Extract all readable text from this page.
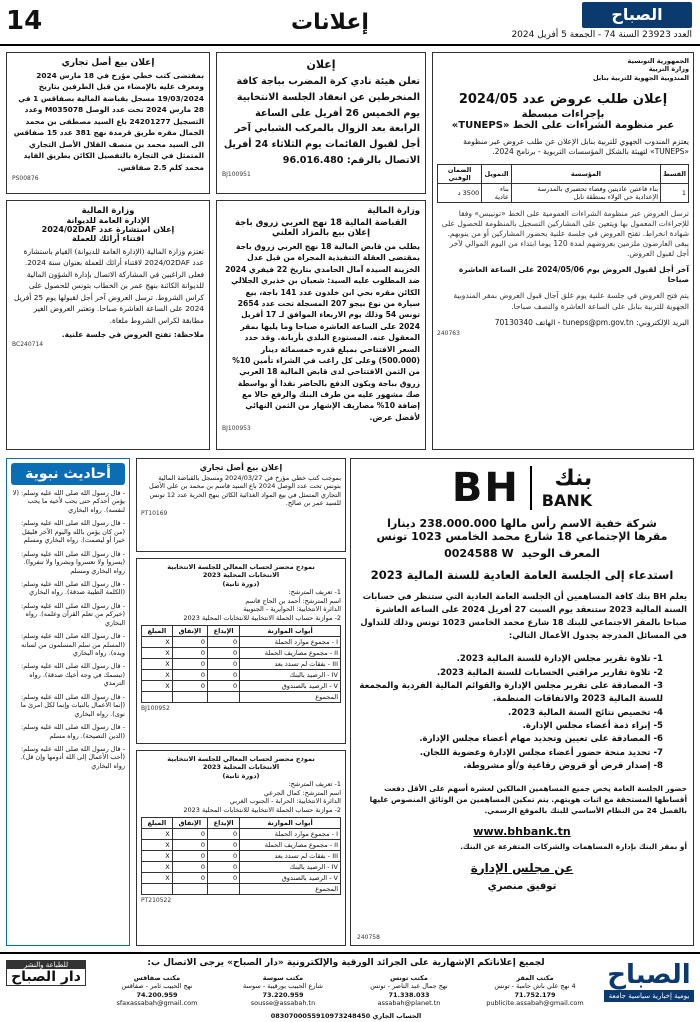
14	إعلانات	الصباح
العدد 23923 السنة 74 - الجمعة 5 أفريل 2024
الجمهورية التونسية
وزارة التربية
المندوبية الجهوية للتربية بنابل
إعلان طلب عروض عدد 2024/05
بإجراءات مبسطة
عبر منظومة الشراءات على الخط «TUNEPS»
يعتزم المندوب الجهوي للتربية بنابل الإعلان عن طلب عروض عبر منظومة «TUNEPS» لتهيئة بالشكل المؤسسات التربوية - برنامج 2024.
القسط	المؤسسة	التمويل	الضمان الوقتي
1	بناء قاعتين عاديتين وفضاء تحضيري بالمدرسة الإعدادية حي الولاء بمنطقة نابل	بناء عادية	3500 د
ترسل العروض عبر منظومة الشراءات العمومية على الخط «تونيبس» وفقا للإجراءات المعمول بها ويتعين على المشاركين التسجيل بالمنظومة للحصول على شهادة انخراط. تفتح العروض في جلسة علنية بحضور المشاركين أو من ينوبهم. يبقى العارضون ملزمين بعروضهم لمدة 120 يوما ابتداء من اليوم الموالي لآخر أجل لقبول العروض.
آخر أجل لقبول العروض يوم 2024/05/06 على الساعة العاشرة صباحا
يتم فتح العروض في جلسة علنية يوم غلق آجال قبول العروض بمقر المندوبية الجهوية للتربية بنابل على الساعة العاشرة والنصف صباحا.
البريد الإلكتروني: tuneps@pm.gov.tn - الهاتف 70130340
240763
إعلان
تعلن هيئة نادي كرة المضرب بباجة كافة المنخرطين عن انعقاد الجلسة الانتخابية يوم الخميس 26 أفريل على الساعة الرابعة بعد الزوال بالمركب الشبابي آخر أجل لقبول القائمات يوم الثلاثاء 24 أفريل الاتصال بالرقم: 96.016.480
BJ100951
إعلان بيع أصل تجاري
بمقتضى كتب خطي مؤرخ في 18 مارس 2024 ومعرف عليه بالإمضاء من قبل الطرفين بتاريخ 19/03/2024 مسجل بقباضة المالية بصفاقس 1 في 28 مارس 2024 تحت عدد الوصل M035078 وعدد التسجيل 24201277 باع السيد مصطفى بن محمد الجمال مقره طريق قرمدة نهج 381 عدد 15 صفاقس الى السيد محمد بن منصف القلال الأصل التجاري المتمثل في التجارة بالتفصيل الكائن بطريق القايد محمد كلم 2.5 صفاقس.
PS00876
وزارة المالية
القباضة المالية 18 نهج العربي زروق باجة
إعلان بيع بالمزاد العلني
يطلب من قابض المالية 18 نهج العربي زروق باجة بمقتضى العقلة التنفيذية المجراة من قبل عدل الخزينة السيدة آمال الحامدي بتاريخ 22 فيفري 2024 ضد المطلوب عليه السيد: شعبان بن خذيري الجلالي الكائن مقره بحي ابن خلدون عدد 141 باجة، بيع سيارة من نوع بيجو 207 المسجلة تحت عدد 2654 تونس 54 وذلك يوم الاربعاء الموافق لـ 17 أفريل 2024 على الساعة العاشرة صباحا وما يليها بمقر المعقول عنه. المستودع البلدي بأربانة. وقد حدد السعر الافتتاحي بمبلغ قدره خمسمائة دينار (500.000) وعلى كل راغب في الشراء تأمين 10% من الثمن الافتتاحي لدى قابض المالية 18 العربي زروق بباجة ويكون الدفع بالحاضر نقدا أو بواسطة صك مشهور عليه من طرف البنك والرفع حالا مع إضافة 10% مصاريف الإشهار من الثمن النهائي لأفضل عرض.
BJ100953
وزارة المالية
الإدارة العامة للديوانة
إعلان استشارة عدد 2024/02DAF
اقتناء أرائك للعملة
تعتزم وزارة المالية (الإدارة العامة للديوانة) القيام باستشارة عدد 2024/02DAF لاقتناء أرائك للعملة بعنوان سنة 2024. فعلى الراغبين في المشاركة الاتصال بإدارة الشؤون المالية للديوانة الكائنة بنهج عمر بن الخطاب بتونس للحصول على كراس الشروط. ترسل العروض آخر أجل لقبولها يوم 25 أفريل 2024 على الساعة العاشرة صباحا. وتعتبر العروض الغير مطابقة لكراس الشروط ملغاة.
ملاحظة: تفتح العروض في جلسة علنية.
BC240714
بنك
BANK
BH
شركة خفية الاسم رأس مالها 238.000.000 دينارا
مقرها الإجتماعي 18 شارع محمد الخامس 1023 تونس
المعرف الوحيد  0024588 W
استدعاء إلى الجلسة العامة العادية للسنة المالية 2023
يعلم BH بنك كافة المساهمين أن الجلسة العامة العادية التي ستنظر في حسابات السنة المالية 2023 ستنعقد يوم السبت 27 أفريل 2024 على الساعة العاشرة صباحا بالمقر الاجتماعي للبنك 18 شارع محمد الخامس 1023 تونس وذلك للتداول في المسائل المدرجة بجدول الأعمال التالي:
1- تلاوة تقرير مجلس الإدارة للسنة المالية 2023.
2- تلاوة تقارير مراقبي الحسابات للسنة المالية 2023.
3- المصادقة على تقرير مجلس الإدارة والقوائم المالية الفردية والمجمعة للسنة المالية 2023 والاتفاقات المنظمة.
4- تخصيص نتائج السنة المالية 2023.
5- إبراء ذمة أعضاء مجلس الإدارة.
6- المصادقة على تعيين وتجديد مهام أعضاء مجلس الإدارة.
7- تحديد منحة حضور أعضاء مجلس الإدارة وعضوية اللجان.
8- إصدار قرض أو قروض رقاعية و/أو مشروطة.
حضور الجلسة العامة يخص جميع المساهمين المالكين لعشرة أسهم على الأقل دفعت أقساطها المستحقة مع اثبات هويتهم. يتم تمكين المساهمين من الوثائق المنصوص عليها بالفصل 24 من النظام الأساسي للبنك بالموقع الرسمي.
www.bhbank.tn
أو بمقر البنك بإدارة المساهمات والشركات المتفرعة عن البنك.
عن مجلس الإدارة
توفيق منصري
240758
إعلان بيع أصل تجاري
بموجب كتب خطي مؤرخ في 2024/03/27 ومسجل بالقباضة المالية بتونس تحت عدد الوصل 2024 باع السيد قاسم بن محمد بن علي الأصل التجاري المتمثل في بيع المواد الغذائية الكائن بنهج الحرية عدد 12 تونس للسيد عمر بن صالح.
PT10169
نموذج محضر لحساب المعالي للجلسة الانتخابية
الانتخابات المحلية 2023
(دورة ثانية)
1- تعريف المترشح:
اسم المترشح: أحمد بن الحاج قاسم
الدائرة الانتخابية: الحوايرية - الجنوبية
2- موازنة حساب الحملة الانتخابية للانتخابات المحلية 2023
أبواب الموازنة	الإيداع	الإنفاق	المبلغ
I - مجموع موارد الحملة	0	0	X
II - مجموع مصاريف الحملة	0	0	X
III - نفقات لم تسدد بعد	0	0	X
IV - الرصيد بالبنك	0	0	X
V - الرصيد بالصندوق	0	0	X
المجموع			
BJ100952
نموذج محضر لحساب المعالي للجلسة الانتخابية
الانتخابات المحلية 2023
(دورة ثانية)
1- تعريف المترشح:
اسم المترشح: كمال الجرعي
الدائرة الانتخابية: الحرابة - الجنوب الغربي
2- موازنة حساب الحملة الانتخابية للانتخابات المحلية 2023
أبواب الموازنة	الإيداع	الإنفاق	المبلغ
I - مجموع موارد الحملة	0	0	X
II - مجموع مصاريف الحملة	0	0	X
III - نفقات لم تسدد بعد	0	0	X
IV - الرصيد بالبنك	0	0	X
V - الرصيد بالصندوق	0	0	X
المجموع			
PT210522
أحاديث نبوية
- قال رسول الله صلى الله عليه وسلم: (لا يؤمن أحدكم حتى يحب لأخيه ما يحب لنفسه). رواه البخاري
- قال رسول الله صلى الله عليه وسلم: (من كان يؤمن بالله واليوم الآخر فليقل خيرا أو ليصمت). رواه البخاري ومسلم
- قال رسول الله صلى الله عليه وسلم: (يسروا ولا تعسروا وبشروا ولا تنفروا). رواه البخاري ومسلم
- قال رسول الله صلى الله عليه وسلم: (الكلمة الطيبة صدقة). رواه البخاري
- قال رسول الله صلى الله عليه وسلم: (خيركم من تعلم القرآن وعلمه). رواه البخاري
- قال رسول الله صلى الله عليه وسلم: (المسلم من سلم المسلمون من لسانه ويده). رواه البخاري
- قال رسول الله صلى الله عليه وسلم: (تبسمك في وجه أخيك صدقة). رواه الترمذي
- قال رسول الله صلى الله عليه وسلم: (إنما الأعمال بالنيات وإنما لكل امرئ ما نوى). رواه البخاري
- قال رسول الله صلى الله عليه وسلم: (الدين النصيحة). رواه مسلم
- قال رسول الله صلى الله عليه وسلم: (أحب الأعمال إلى الله أدومها وإن قل). رواه البخاري
الصباح
يومية إخبارية سياسية جامعة
لجميع إعلاناتكم الإشهارية على الجرائد الورقية والإلكترونية «دار الصباح» يرجى الاتصال ب:
مكتب المقر
4 نهج علي باش حامبة - تونس
71.752.179
publicite.assabah@gmail.com
مكتب تونس
نهج جمال عبد الناصر - تونس
71.338.033
assabah@planet.tn
مكتب سوسة
شارع الحبيب بورقيبة - سوسة
73.220.959
sousse@assabah.tn
مكتب صفاقس
نهج الحبيب ثامر - صفاقس
74.200.959
sfaxassabah@gmail.com
الحساب الجاري 0830700055910973248450
للطباعة والنشر
دار الصباح
